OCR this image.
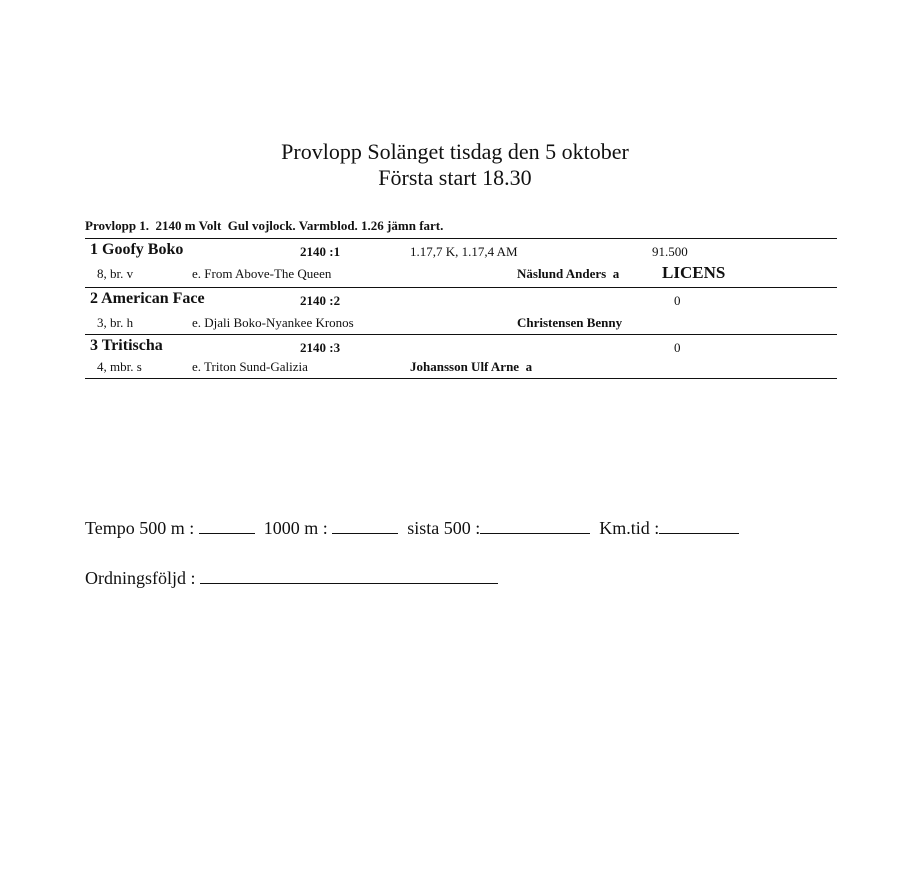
Provlopp Solänget tisdag den 5 oktober
Första start 18.30
Provlopp 1.  2140 m Volt  Gul vojlock. Varmblod. 1.26 jämn fart.
1 Goofy Boko	2140 :1	1.17,7 K, 1.17,4 AM	91.500
8, br. v	e. From Above-The Queen	Näslund Anders  a	LICENS
2 American Face	2140 :2	0
3, br. h	e. Djali Boko-Nyankee Kronos	Christensen Benny
3 Tritischa	2140 :3	0
4, mbr. s	e. Triton Sund-Galizia	Johansson Ulf Arne  a
Tempo 500 m :	1000 m :	sista 500 :	Km.tid :
Ordningsföljd :
